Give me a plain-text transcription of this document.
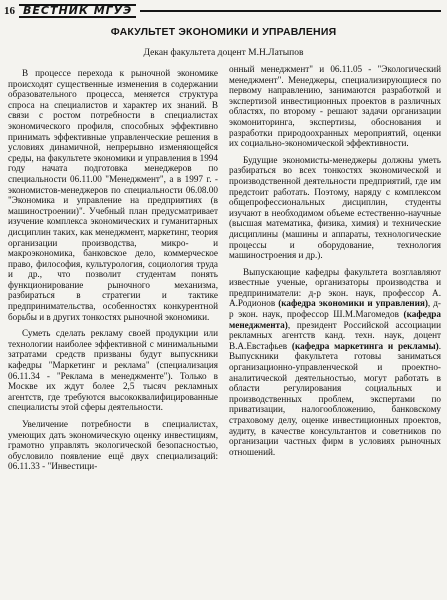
16 ВЕСТНИК МГУЭ
ФАКУЛЬТЕТ ЭКОНОМИКИ И УПРАВЛЕНИЯ
Декан факультета доцент М.Н.Латыпов

В процессе перехода к рыночной экономике происходят существенные изменения в содержании образовательного процесса, меняется структура спроса на специалистов и характер их знаний. В связи с ростом потребности в специалистах экономического профиля, способных эффективно принимать эффективные управленческие решения в условиях динамичной, непрерывно изменяющейся среды, на факультете экономики и управления в 1994 году начата подготовка менеджеров по специальности 06.11.00 "Менеджмент", а в 1997 г. - экономистов-менеджеров по специальности 06.08.00 "Экономика и управление на предприятиях (в машиностроении)". Учебный план предусматривает изучение комплекса экономических и гуманитарных дисциплин таких, как менеджмент, маркетинг, теория организации производства, микро- и макроэкономика, банковское дело, коммерческое право, философия, культурология, социология труда и др., что позволит студентам понять функционирование рыночного механизма, разбираться в стратегии и тактике предпринимательства, особенностях конкурентной борьбы и в других тонкостях рыночной экономики.

Суметь сделать рекламу своей продукции или технологии наиболее эффективной с минимальными затратами средств призваны будут выпускники кафедры "Маркетинг и реклама" (специализация 06.11.34 - "Реклама в менеджменте"). Только в Москве их ждут более 2,5 тысяч рекламных агентств, где требуются высококвалифицированные специалисты этой сферы деятельности.

Увеличение потребности в специалистах, умеющих дать экономическую оценку инвестициям, грамотно управлять экологической безопасностью, обусловило появление ещё двух специализаций: 06.11.33 - "Инвестици-

онный менеджмент" и 06.11.05 - "Экологический менеджмент". Менеджеры, специализирующиеся по первому направлению, занимаются разработкой и экспертизой инвестиционных проектов в различных областях, по второму - решают задачи организации экомониторинга, экспертизы, обоснования и разработки природоохранных мероприятий, оценки их социально-экономической эффективности.

Будущие экономисты-менеджеры должны уметь разбираться во всех тонкостях экономической и производственной деятельности предприятий, где им предстоит работать. Поэтому, наряду с комплексом общепрофессиональных дисциплин, студенты изучают в необходимом объеме естественно-научные (высшая математика, физика, химия) и технические дисциплины (машины и аппараты, технологические процессы и оборудование, технология машиностроения и др.).

Выпускающие кафедры факультета возглавляют известные ученые, организаторы производства и предприниматели: д-р экон. наук, профессор А. А.Родионов (кафедра экономики и управления), д-р экон. наук, профессор Ш.М.Магомедов (кафедра менеджмента), президент Российской ассоциации рекламных агентств канд. техн. наук, доцент В.А.Евстафьев (кафедра маркетинга и рекламы). Выпускники факультета готовы заниматься организационно-управленческой и проектно-аналитической деятельностью, могут работать в области регулирования социальных и производственных проблем, экспертами по приватизации, налогообложению, банковскому страховому делу, оценке инвестиционных проектов, аудиту, в качестве консультантов и советников по организации частных фирм в условиях рыночных отношений.
